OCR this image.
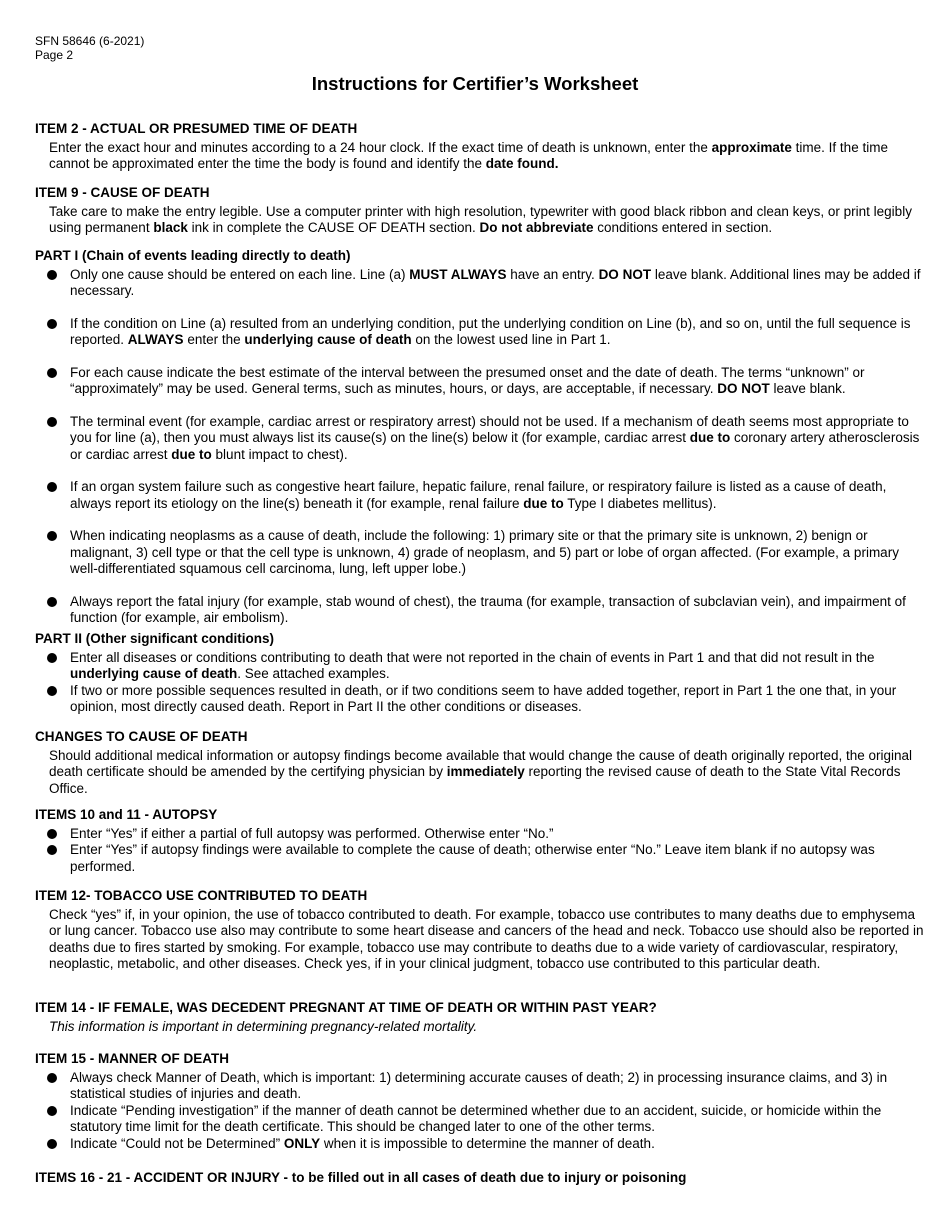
SFN 58646 (6-2021)
Page 2
Instructions for Certifier’s Worksheet
ITEM 2 - ACTUAL OR PRESUMED TIME OF DEATH
Enter the exact hour and minutes according to a 24 hour clock. If the exact time of death is unknown, enter the approximate time. If the time cannot be approximated enter the time the body is found and identify the date found.
ITEM 9 - CAUSE OF DEATH
Take care to make the entry legible. Use a computer printer with high resolution, typewriter with good black ribbon and clean keys, or print legibly using permanent black ink in complete the CAUSE OF DEATH section. Do not abbreviate conditions entered in section.
PART I (Chain of events leading directly to death)
Only one cause should be entered on each line. Line (a) MUST ALWAYS have an entry. DO NOT leave blank. Additional lines may be added if necessary.
If the condition on Line (a) resulted from an underlying condition, put the underlying condition on Line (b), and so on, until the full sequence is reported. ALWAYS enter the underlying cause of death on the lowest used line in Part 1.
For each cause indicate the best estimate of the interval between the presumed onset and the date of death. The terms “unknown” or “approximately” may be used. General terms, such as minutes, hours, or days, are acceptable, if necessary. DO NOT leave blank.
The terminal event (for example, cardiac arrest or respiratory arrest) should not be used. If a mechanism of death seems most appropriate to you for line (a), then you must always list its cause(s) on the line(s) below it (for example, cardiac arrest due to coronary artery atherosclerosis or cardiac arrest due to blunt impact to chest).
If an organ system failure such as congestive heart failure, hepatic failure, renal failure, or respiratory failure is listed as a cause of death, always report its etiology on the line(s) beneath it (for example, renal failure due to Type I diabetes mellitus).
When indicating neoplasms as a cause of death, include the following: 1) primary site or that the primary site is unknown, 2) benign or malignant, 3) cell type or that the cell type is unknown, 4) grade of neoplasm, and 5) part or lobe of organ affected. (For example, a primary well-differentiated squamous cell carcinoma, lung, left upper lobe.)
Always report the fatal injury (for example, stab wound of chest), the trauma (for example, transaction of subclavian vein), and impairment of function (for example, air embolism).
PART II (Other significant conditions)
Enter all diseases or conditions contributing to death that were not reported in the chain of events in Part 1 and that did not result in the underlying cause of death. See attached examples.
If two or more possible sequences resulted in death, or if two conditions seem to have added together, report in Part 1 the one that, in your opinion, most directly caused death. Report in Part II the other conditions or diseases.
CHANGES TO CAUSE OF DEATH
Should additional medical information or autopsy findings become available that would change the cause of death originally reported, the original death certificate should be amended by the certifying physician by immediately reporting the revised cause of death to the State Vital Records Office.
ITEMS 10 and 11 - AUTOPSY
Enter “Yes” if either a partial of full autopsy was performed. Otherwise enter “No.”
Enter “Yes” if autopsy findings were available to complete the cause of death; otherwise enter “No.” Leave item blank if no autopsy was performed.
ITEM 12- TOBACCO USE CONTRIBUTED TO DEATH
Check “yes” if, in your opinion, the use of tobacco contributed to death. For example, tobacco use contributes to many deaths due to emphysema or lung cancer. Tobacco use also may contribute to some heart disease and cancers of the head and neck. Tobacco use should also be reported in deaths due to fires started by smoking. For example, tobacco use may contribute to deaths due to a wide variety of cardiovascular, respiratory, neoplastic, metabolic, and other diseases. Check yes, if in your clinical judgment, tobacco use contributed to this particular death.
ITEM 14 - IF FEMALE, WAS DECEDENT PREGNANT AT TIME OF DEATH OR WITHIN PAST YEAR?
This information is important in determining pregnancy-related mortality.
ITEM 15 - MANNER OF DEATH
Always check Manner of Death, which is important: 1) determining accurate causes of death; 2) in processing insurance claims, and 3) in statistical studies of injuries and death.
Indicate “Pending investigation” if the manner of death cannot be determined whether due to an accident, suicide, or homicide within the statutory time limit for the death certificate. This should be changed later to one of the other terms.
Indicate “Could not be Determined” ONLY when it is impossible to determine the manner of death.
ITEMS 16 - 21 - ACCIDENT OR INJURY - to be filled out in all cases of death due to injury or poisoning
